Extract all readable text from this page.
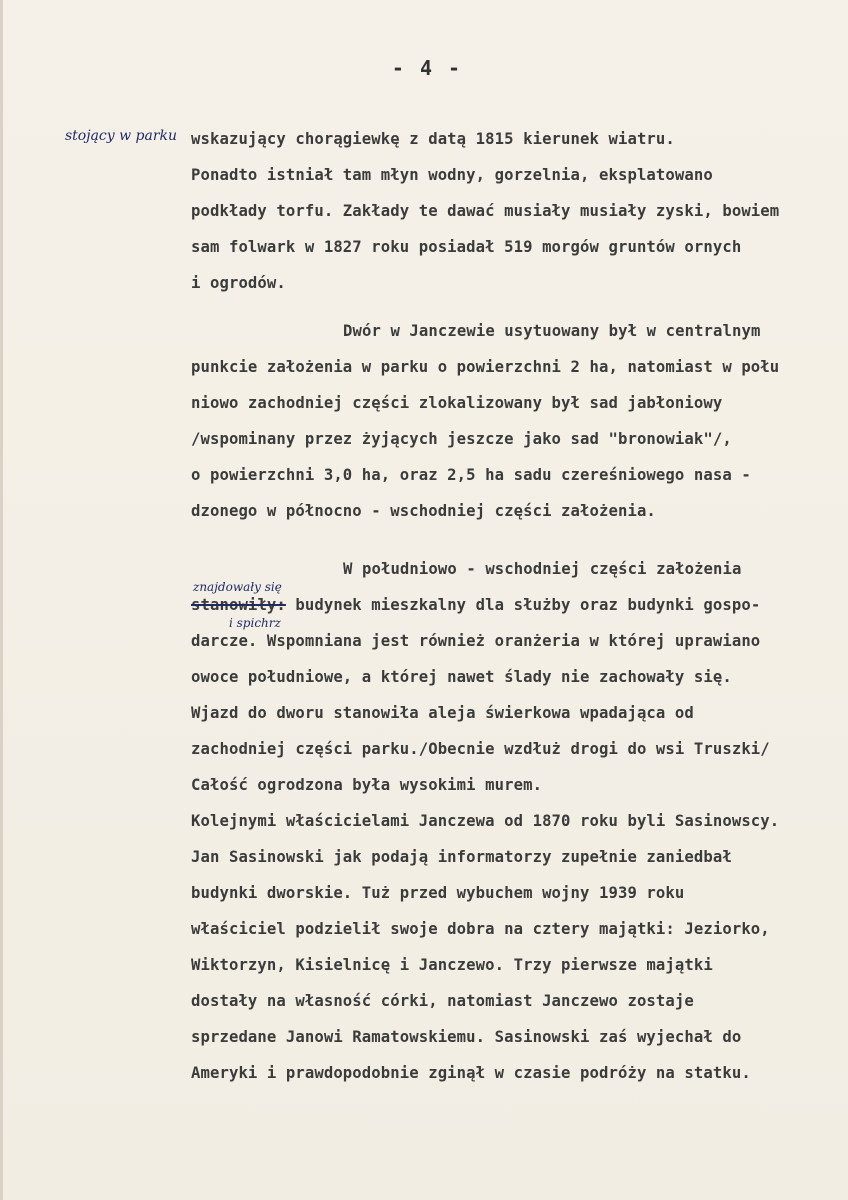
- 4 -
stojący w parku wskazujący chorągiewkę z datą 1815 kierunek wiatru.
Ponadto istniał tam młyn wodny, gorzelnia, eksplatowano
podkłady torfu. Zakłady te dawać musiały musiały zyski, bowiem
sam folwark w 1827 roku posiadał 519 morgów gruntów ornych
i ogrodów.
Dwór w Janczewie usytuowany był w centralnym
punkcie założenia w parku o powierzchni 2 ha, natomiast w połu
niowo zachodniej części zlokalizowany był sad jabłoniowy
/wspominany przez żyjących jeszcze jako sad "bronowiak"/,
o powierzchni 3,0 ha, oraz 2,5 ha sadu czereśniowego nasa -
dzonego w północno - wschodniej części założenia.
W południowo - wschodniej części założenia
znajdowały się
stanowiły: budynek mieszkalny dla służby oraz budynki gospo-
i spichrz
darcze. Wspomniana jest również oranżeria w której uprawiano
owoce południowe, a której nawet ślady nie zachowały się.
Wjazd do dworu stanowiła aleja świerkowa wpadająca od
zachodniej części parku./Obecnie wzdłuż drogi do wsi Truszki/
Całość ogrodzona była wysokimi murem.
Kolejnymi właścicielami Janczewa od 1870 roku byli Sasinowscy.
Jan Sasinowski jak podają informatorzy zupełnie zaniedbał
budynki dworskie. Tuż przed wybuchem wojny 1939 roku
właściciel podzielił swoje dobra na cztery majątki: Jeziorko,
Wiktorzyn, Kisielnicę i Janczewo. Trzy pierwsze majątki
dostały na własność córki, natomiast Janczewo zostaje
sprzedane Janowi Ramatowskiemu. Sasinowski zaś wyjechał do
Ameryki i prawdopodobnie zginął w czasie podróży na statku.
